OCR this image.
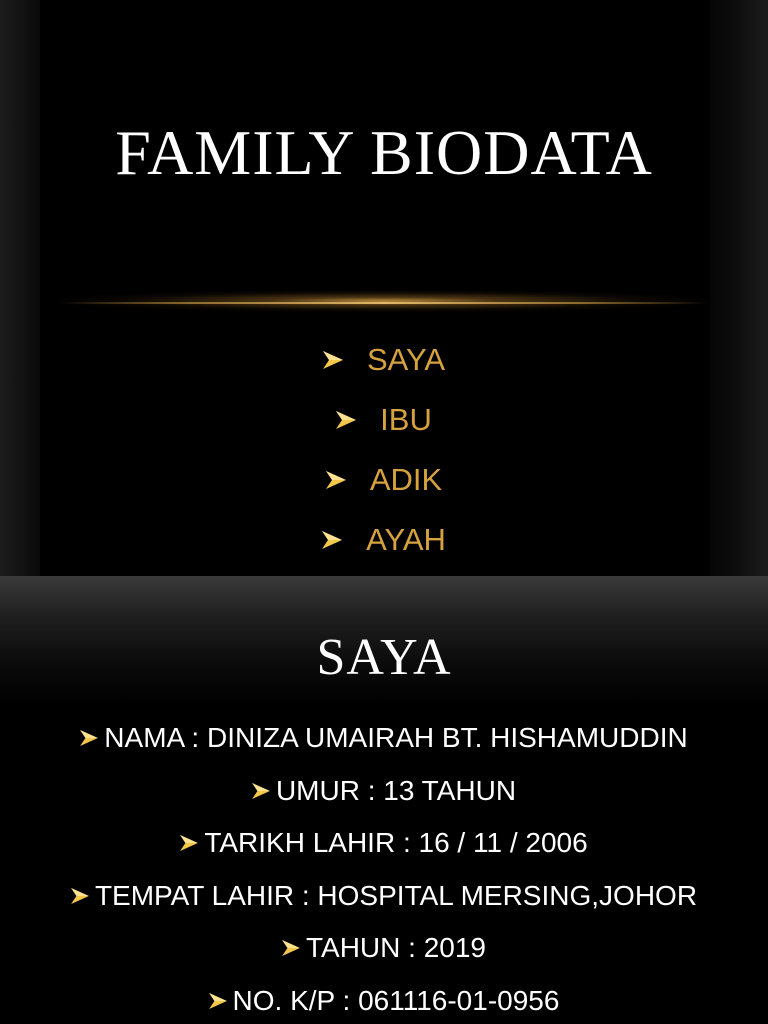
FAMILY BIODATA
SAYA
IBU
ADIK
AYAH
SAYA
NAMA : DINIZA UMAIRAH BT. HISHAMUDDIN
UMUR : 13 TAHUN
TARIKH LAHIR : 16 / 11 / 2006
TEMPAT LAHIR : HOSPITAL MERSING,JOHOR
TAHUN : 2019
NO. K/P : 061116-01-0956
